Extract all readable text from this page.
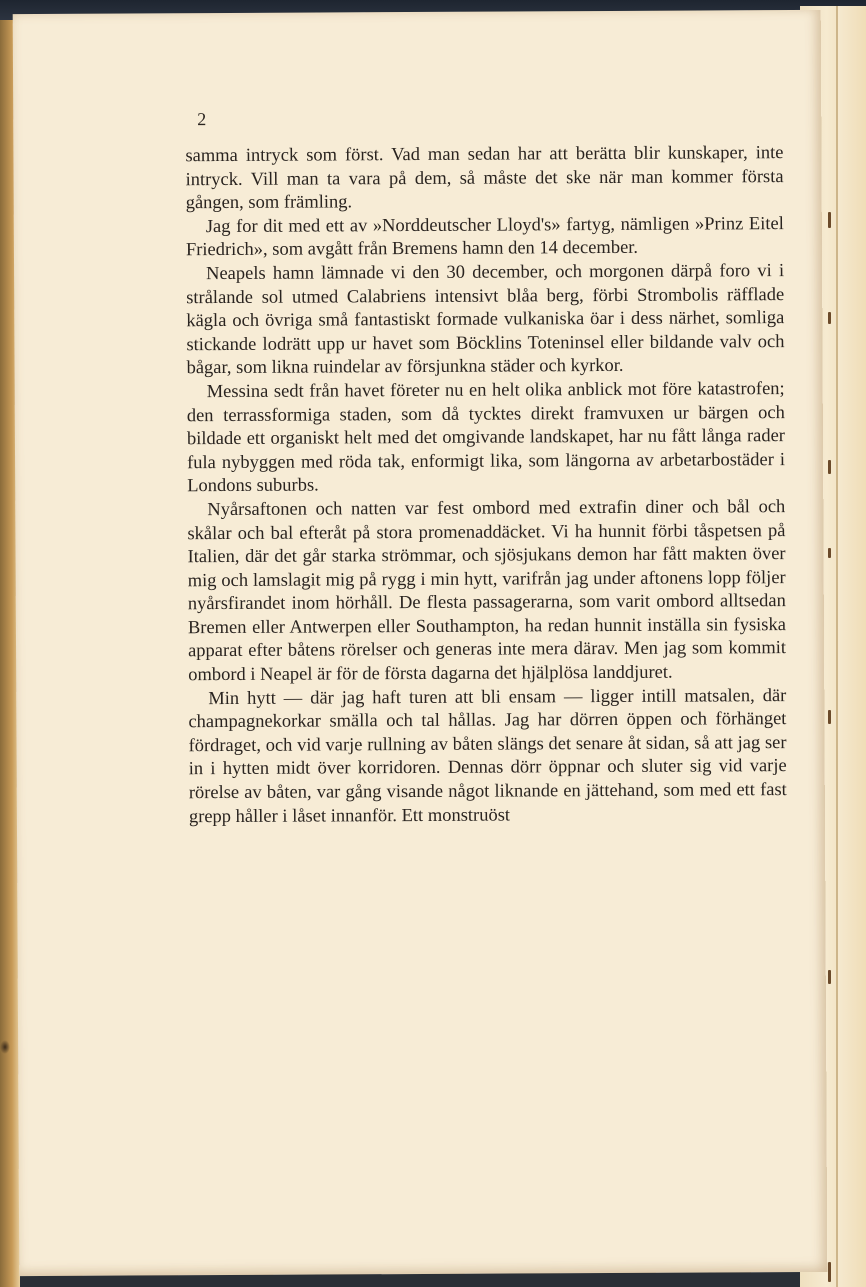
2

samma intryck som först. Vad man sedan har att berätta blir kunskaper, inte intryck. Vill man ta vara på dem, så måste det ske när man kommer första gången, som främling.

Jag for dit med ett av »Norddeutscher Lloyd's» fartyg, nämligen »Prinz Eitel Friedrich», som avgått från Bremens hamn den 14 december.

Neapels hamn lämnade vi den 30 december, och morgonen därpå foro vi i strålande sol utmed Calabriens intensivt blåa berg, förbi Strombolis räfflade kägla och övriga små fantastiskt formade vulkaniska öar i dess närhet, somliga stickande lodrätt upp ur havet som Böcklins Toteninsel eller bildande valv och bågar, som likna ruindelar av försjunkna städer och kyrkor.

Messina sedt från havet företer nu en helt olika anblick mot före katastrofen; den terrassformiga staden, som då tycktes direkt framvuxen ur bärgen och bildade ett organiskt helt med det omgivande landskapet, har nu fått långa rader fula nybyggen med röda tak, enformigt lika, som längorna av arbetarbostäder i Londons suburbs.

Nyårsaftonen och natten var fest ombord med extrafin diner och bål och skålar och bal efteråt på stora promenaddäcket. Vi ha hunnit förbi tåspetsen på Italien, där det går starka strömmar, och sjösjukans demon har fått makten över mig och lamslagit mig på rygg i min hytt, varifrån jag under aftonens lopp följer nyårsfirandet inom hörhåll. De flesta passagerarna, som varit ombord alltsedan Bremen eller Antwerpen eller Southampton, ha redan hunnit inställa sin fysiska apparat efter båtens rörelser och generas inte mera därav. Men jag som kommit ombord i Neapel är för de första dagarna det hjälplösa landdjuret.

Min hytt — där jag haft turen att bli ensam — ligger intill matsalen, där champagnekorkar smälla och tal hållas. Jag har dörren öppen och förhänget fördraget, och vid varje rullning av båten slängs det senare åt sidan, så att jag ser in i hytten midt över korridoren. Dennas dörr öppnar och sluter sig vid varje rörelse av båten, var gång visande något liknande en jättehand, som med ett fast grepp håller i låset innanför. Ett monstruöst
